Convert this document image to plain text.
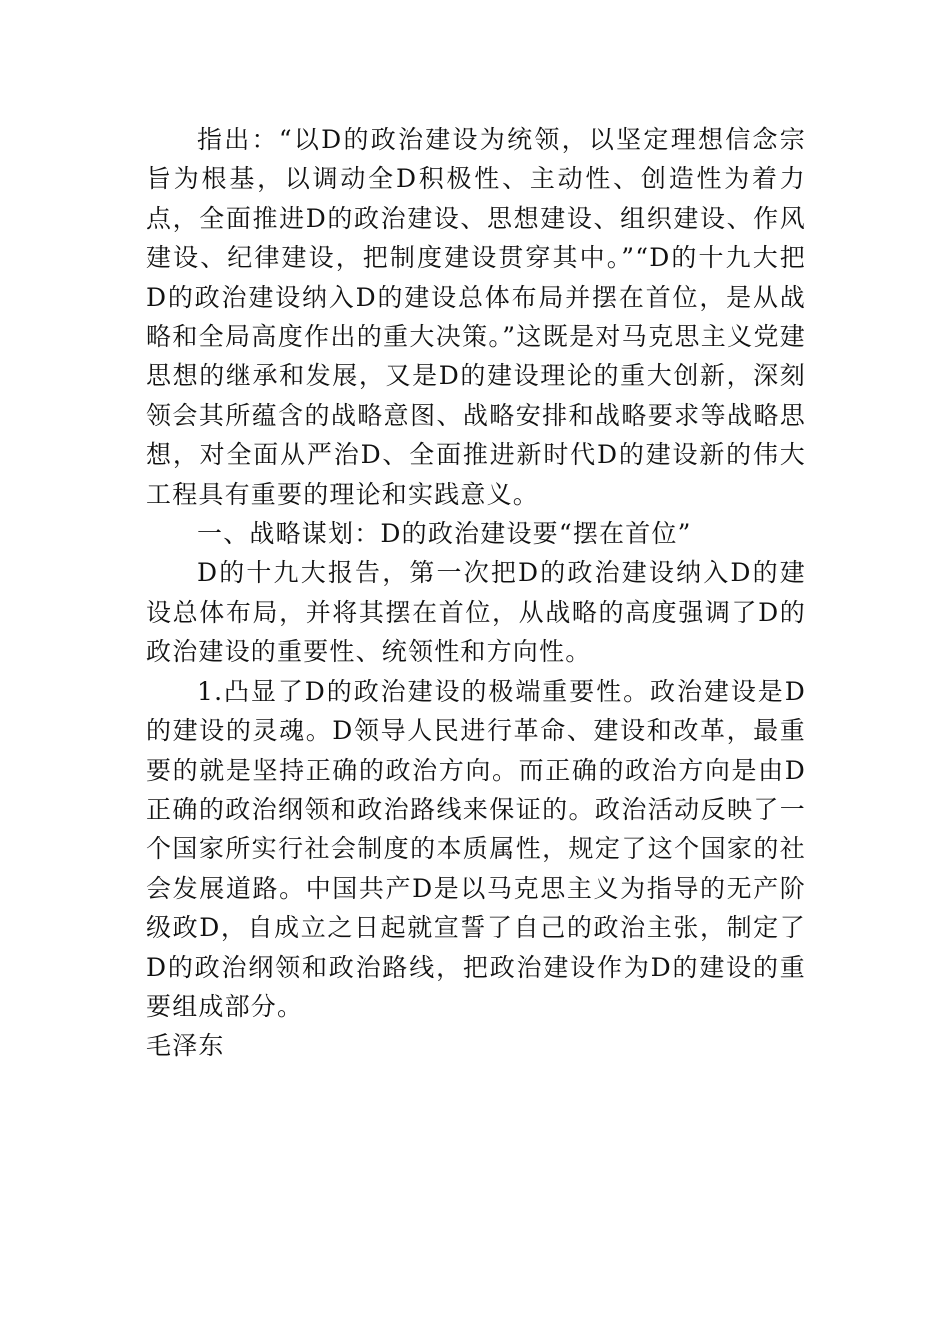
指出：“以D的政治建设为统领，以坚定理想信念宗旨为根基，以调动全D积极性、主动性、创造性为着力点，全面推进D的政治建设、思想建设、组织建设、作风建设、纪律建设，把制度建设贯穿其中。”“D的十九大把D的政治建设纳入D的建设总体布局并摆在首位，是从战略和全局高度作出的重大决策。”这既是对马克思主义党建思想的继承和发展，又是D的建设理论的重大创新，深刻领会其所蕴含的战略意图、战略安排和战略要求等战略思想，对全面从严治D、全面推进新时代D的建设新的伟大工程具有重要的理论和实践意义。

一、战略谋划：D的政治建设要“摆在首位”

D的十九大报告，第一次把D的政治建设纳入D的建设总体布局，并将其摆在首位，从战略的高度强调了D的政治建设的重要性、统领性和方向性。

1.凸显了D的政治建设的极端重要性。政治建设是D的建设的灵魂。D领导人民进行革命、建设和改革，最重要的就是坚持正确的政治方向。而正确的政治方向是由D正确的政治纲领和政治路线来保证的。政治活动反映了一个国家所实行社会制度的本质属性，规定了这个国家的社会发展道路。中国共产D是以马克思主义为指导的无产阶级政D，自成立之日起就宣誓了自己的政治主张，制定了D的政治纲领和政治路线，把政治建设作为D的建设的重要组成部分。

毛泽东
